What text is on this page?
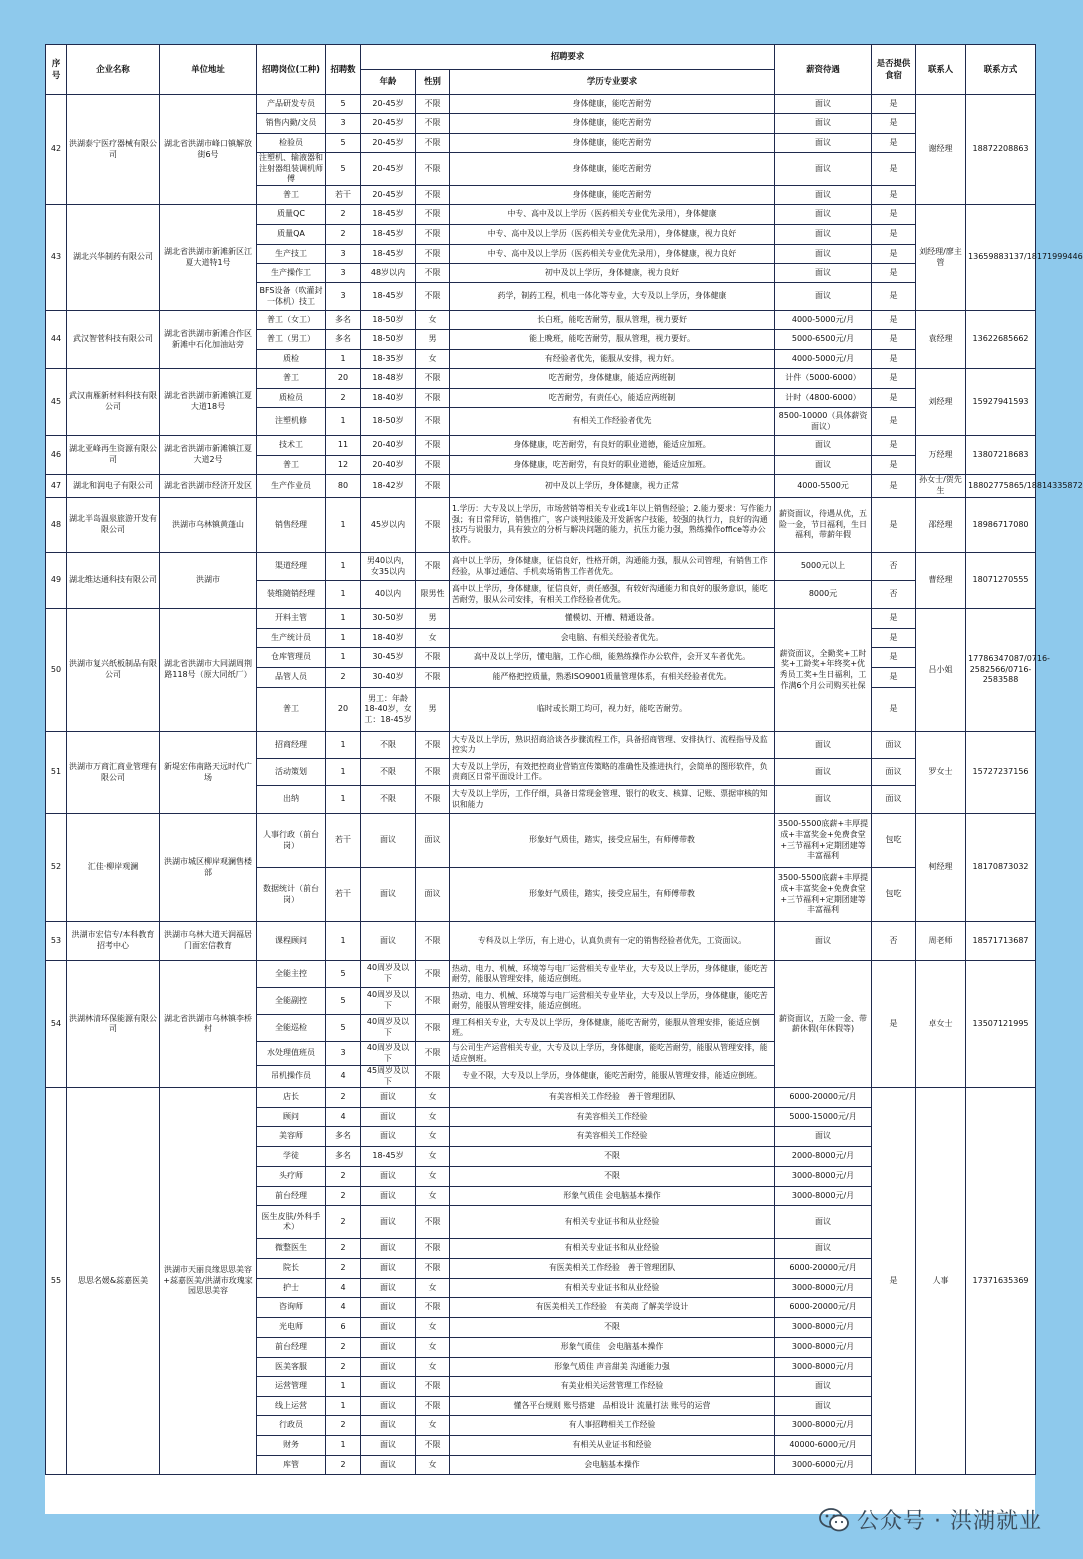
序号	企业名称	单位地址	招聘岗位(工种)	招聘数	招聘要求			薪资待遇	是否提供食宿	联系人	联系方式
					年龄	性别	学历专业要求				
42	洪湖泰宁医疗器械有限公司	湖北省洪湖市峰口镇解放街6号	产品研发专员	5	20-45岁	不限	身体健康，能吃苦耐劳	面议	是	谢经理	18872208863
			销售内勤/文员	3	20-45岁	不限	身体健康，能吃苦耐劳	面议	是		
			检验员	5	20-45岁	不限	身体健康，能吃苦耐劳	面议	是		
			注塑机、输液器和注射器组装调机师傅	5	20-45岁	不限	身体健康，能吃苦耐劳	面议	是		
			普工	若干	20-45岁	不限	身体健康，能吃苦耐劳	面议	是		
43	湖北兴华制药有限公司	湖北省洪湖市新滩新区江夏大道特1号	质量QC	2	18-45岁	不限	中专、高中及以上学历（医药相关专业优先录用），身体健康	面议	是	刘经理/廖主管	13659883137/18171999446
			质量QA	2	18-45岁	不限	中专、高中及以上学历（医药相关专业优先录用），身体健康，视力良好	面议	是		
			生产技工	3	18-45岁	不限	中专、高中及以上学历（医药相关专业优先录用），身体健康，视力良好	面议	是		
			生产操作工	3	48岁以内	不限	初中及以上学历，身体健康，视力良好	面议	是		
			BFS设备（吹灌封一体机）技工	3	18-45岁	不限	药学，制药工程，机电一体化等专业，大专及以上学历，身体健康	面议	是		
44	武汉智菅科技有限公司	湖北省洪湖市新滩合作区新滩中石化加油站旁	普工（女工）	多名	18-50岁	女	长白班，能吃苦耐劳，服从管理，视力要好	4000-5000元/月	是	袁经理	13622685662
			普工（男工）	多名	18-50岁	男	能上晚班，能吃苦耐劳，服从管理，视力要好。	5000-6500元/月	是		
			质检	1	18-35岁	女	有经验者优先，能服从安排，视力好。	4000-5000元/月	是		
45	武汉南雁新材料科技有限公司	湖北省洪湖市新滩镇江夏大道18号	普工	20	18-48岁	不限	吃苦耐劳，身体健康，能适应两班制	计件（5000-6000）	是	刘经理	15927941593
			质检员	2	18-40岁	不限	吃苦耐劳，有责任心，能适应两班制	计时（4800-6000）	是		
			注塑机修	1	18-50岁	不限	有相关工作经验者优先	8500-10000（具体薪资面议）	是		
46	湖北亚峰再生资源有限公司	湖北省洪湖市新滩镇江夏大道2号	技术工	11	20-40岁	不限	身体健康，吃苦耐劳，有良好的职业道德，能适应加班。	面议	是	万经理	13807218683
			普工	12	20-40岁	不限	身体健康，吃苦耐劳，有良好的职业道德，能适应加班。	面议	是		
47	湖北和润电子有限公司	湖北省洪湖市经济开发区	生产作业员	80	18-42岁	不限	初中及以上学历，身体健康，视力正常	4000-5500元	是	孙女士/贺先生	18802775865/18814335872
48	湖北半岛温泉旅游开发有限公司	洪湖市乌林镇黄蓬山	销售经理	1	45岁以内	不限	1.学历：大专及以上学历，市场营销等相关专业或1年以上销售经验；2.能力要求：写作能力强；有日常拜访，销售推广，客户谈判技能及开发新客户技能，较强的执行力，良好的沟通技巧与说服力，具有独立的分析与解决问题的能力，抗压力能力强，熟练操作office等办公软件。	薪资面议，待遇从优，五险一金，节日福利，生日福利，带薪年假	是	邵经理	18986717080
49	湖北维达通科技有限公司	洪湖市	渠道经理	1	男40以内，女35以内	不限	高中以上学历，身体健康，征信良好，性格开朗，沟通能力强，服从公司管理，有销售工作经验，从事过通信、手机卖场销售工作者优先。	5000元以上	否	曹经理	18071270555
			装维随销经理	1	40以内	限男性	高中以上学历，身体健康，征信良好，责任感强，有较好沟通能力和良好的服务意识，能吃苦耐劳，服从公司安排，有相关工作经验者优先。	8000元	否		
50	洪湖市复兴纸板制品有限公司	湖北省洪湖市大同湖周荆路118号（原大同纸厂）	开料主管	1	30-50岁	男	懂模切、开槽、精通设备。	薪资面议，全勤奖+工时奖+工龄奖+年终奖+优秀员工奖+生日福利，工作满6个月公司购买社保	是	吕小姐	17786347087/0716-2582566/0716-2583588
			生产统计员	1	18-40岁	女	会电脑、有相关经验者优先。		是		
			仓库管理员	1	30-45岁	不限	高中及以上学历，懂电脑，工作心细，能熟练操作办公软件，会开叉车者优先。		是		
			品管人员	2	30-40岁	不限	能严格把控质量，熟悉ISO9001质量管理体系，有相关经验者优先。		是		
			普工	20	男工：年龄18-40岁，女工：18-45岁	男	临时或长期工均可，视力好，能吃苦耐劳。		是		
51	洪湖市万商汇商业管理有限公司	新堤宏伟南路天远时代广场	招商经理	1	不限	不限	大专及以上学历，熟识招商洽谈各步骤流程工作，具备招商管理、安排执行、流程指导及监控实力	面议	面议	罗女士	15727237156
			活动策划	1	不限	不限	大专及以上学历，有效把控商业营销宣传策略的准确性及推进执行，会简单的图形软件，负责商区日常平面设计工作。	面议	面议		
			出纳	1	不限	不限	大专及以上学历，工作仔细，具备日常现金管理、银行的收支、核算、记账、票据审核的知识和能力	面议	面议		
52	汇佳·柳岸观澜	洪湖市城区柳岸观澜售楼部	人事行政（前台岗）	若干	面议	面议	形象好气质佳，踏实，接受应届生，有师傅带教	3500-5500底薪+丰厚提成+丰富奖金+免费食堂+三节福利+定期团建等丰富福利	包吃	柯经理	18170873032
			数据统计（前台岗）	若干	面议	面议	形象好气质佳，踏实，接受应届生，有师傅带教	3500-5500底薪+丰厚提成+丰富奖金+免费食堂+三节福利+定期团建等丰富福利	包吃		
53	洪湖市宏信专/本科教育招考中心	洪湖市乌林大道天润福居门面宏信教育	课程顾问	1	面议	不限	专科及以上学历，有上进心，认真负责有一定的销售经验者优先，工资面议。	面议	否	周老师	18571713687
54	洪湖林清环保能源有限公司	湖北省洪湖市乌林镇李桥村	全能主控	5	40周岁及以下	不限	热动、电力、机械、环境等与电厂运营相关专业毕业，大专及以上学历，身体健康，能吃苦耐劳，能服从管理安排，能适应倒班。	薪资面议，五险一金、带薪休假(年休假等)	是	卓女士	13507121995
			全能副控	5	40周岁及以下	不限	热动、电力、机械、环境等与电厂运营相关专业毕业，大专及以上学历，身体健康，能吃苦耐劳，能服从管理安排，能适应倒班。				
			全能巡检	5	40周岁及以下	不限	理工科相关专业，大专及以上学历，身体健康，能吃苦耐劳，能服从管理安排，能适应倒班。				
			水处理值班员	3	40周岁及以下	不限	与公司生产运营相关专业，大专及以上学历，身体健康，能吃苦耐劳，能服从管理安排，能适应倒班。				
			吊机操作员	4	45周岁及以下	不限	专业不限，大专及以上学历，身体健康，能吃苦耐劳，能服从管理安排，能适应倒班。				
55	思思名媛&蕊嘉医美	洪湖市天丽良缘思思美容+蕊嘉医美/洪湖市玫瑰家园思思美容	店长	2	面议	女	有美容相关工作经验　善于管理团队	6000-20000元/月	是	人事	17371635369
			顾问	4	面议	女	有美容相关工作经验	5000-15000元/月			
			美容师	多名	面议	女	有美容相关工作经验	面议			
			学徒	多名	18-45岁	女	不限	2000-8000元/月			
			头疗师	2	面议	女	不限	3000-8000元/月			
			前台经理	2	面议	女	形象气质佳 会电脑基本操作	3000-8000元/月			
			医生皮肤/外科手术）	2	面议	不限	有相关专业证书和从业经验	面议			
			微整医生	2	面议	不限	有相关专业证书和从业经验	面议			
			院长	2	面议	不限	有医美相关工作经验　善于管理团队	6000-20000元/月			
			护士	4	面议	女	有相关专业证书和从业经验	3000-8000元/月			
			咨询师	4	面议	不限	有医美相关工作经验　有美商 了解美学设计	6000-20000元/月			
			光电师	6	面议	女	不限	3000-8000元/月			
			前台经理	2	面议	女	形象气质佳　会电脑基本操作	3000-8000元/月			
			医美客服	2	面议	女	形象气质佳 声音甜美 沟通能力强	3000-8000元/月			
			运营管理	1	面议	不限	有美业相关运营管理工作经验	面议			
			线上运营	1	面议	不限	懂各平台规则 账号搭建　品相设计 流量打法 账号的运营	面议			
			行政员	2	面议	女	有人事招聘相关工作经验	3000-8000元/月			
			财务	1	面议	不限	有相关从业证书和经验	40000-6000元/月			
			库管	2	面议	女	会电脑基本操作	3000-6000元/月			
公众号 · 洪湖就业
